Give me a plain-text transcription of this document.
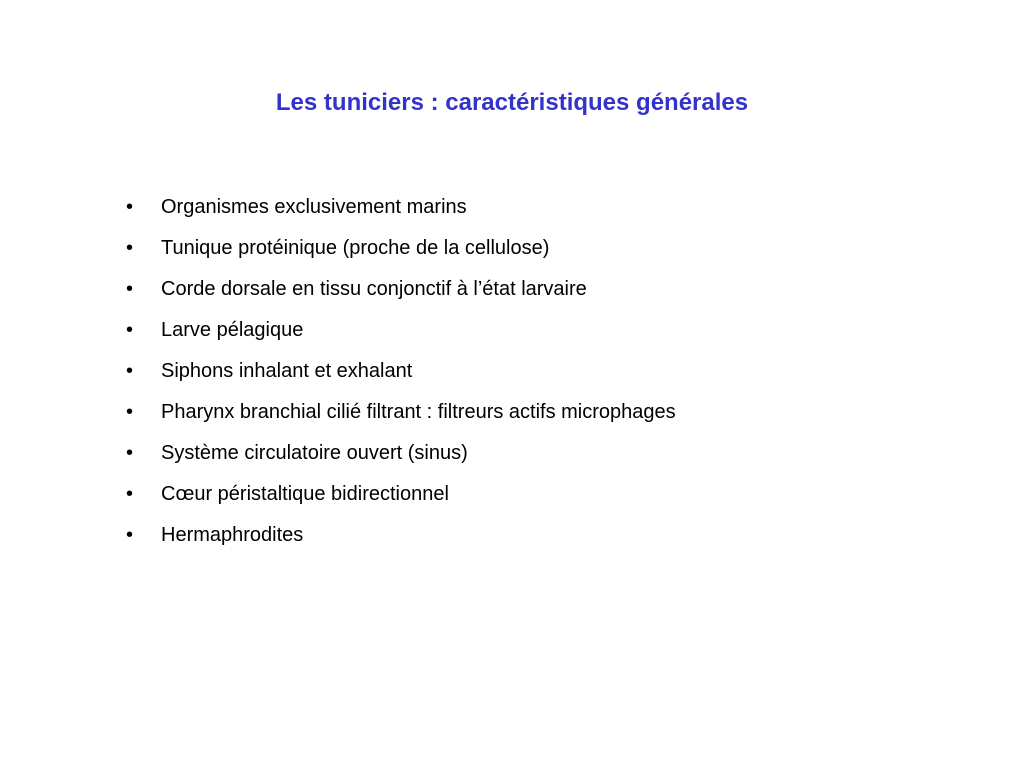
Les tuniciers : caractéristiques générales
•	Organismes exclusivement marins
•	Tunique protéinique (proche de la cellulose)
•	Corde dorsale en tissu conjonctif à l’état larvaire
•	Larve pélagique
•	Siphons inhalant et exhalant
•	Pharynx branchial cilié filtrant : filtreurs actifs microphages
•	Système circulatoire ouvert (sinus)
•	Cœur péristaltique bidirectionnel
•	Hermaphrodites
